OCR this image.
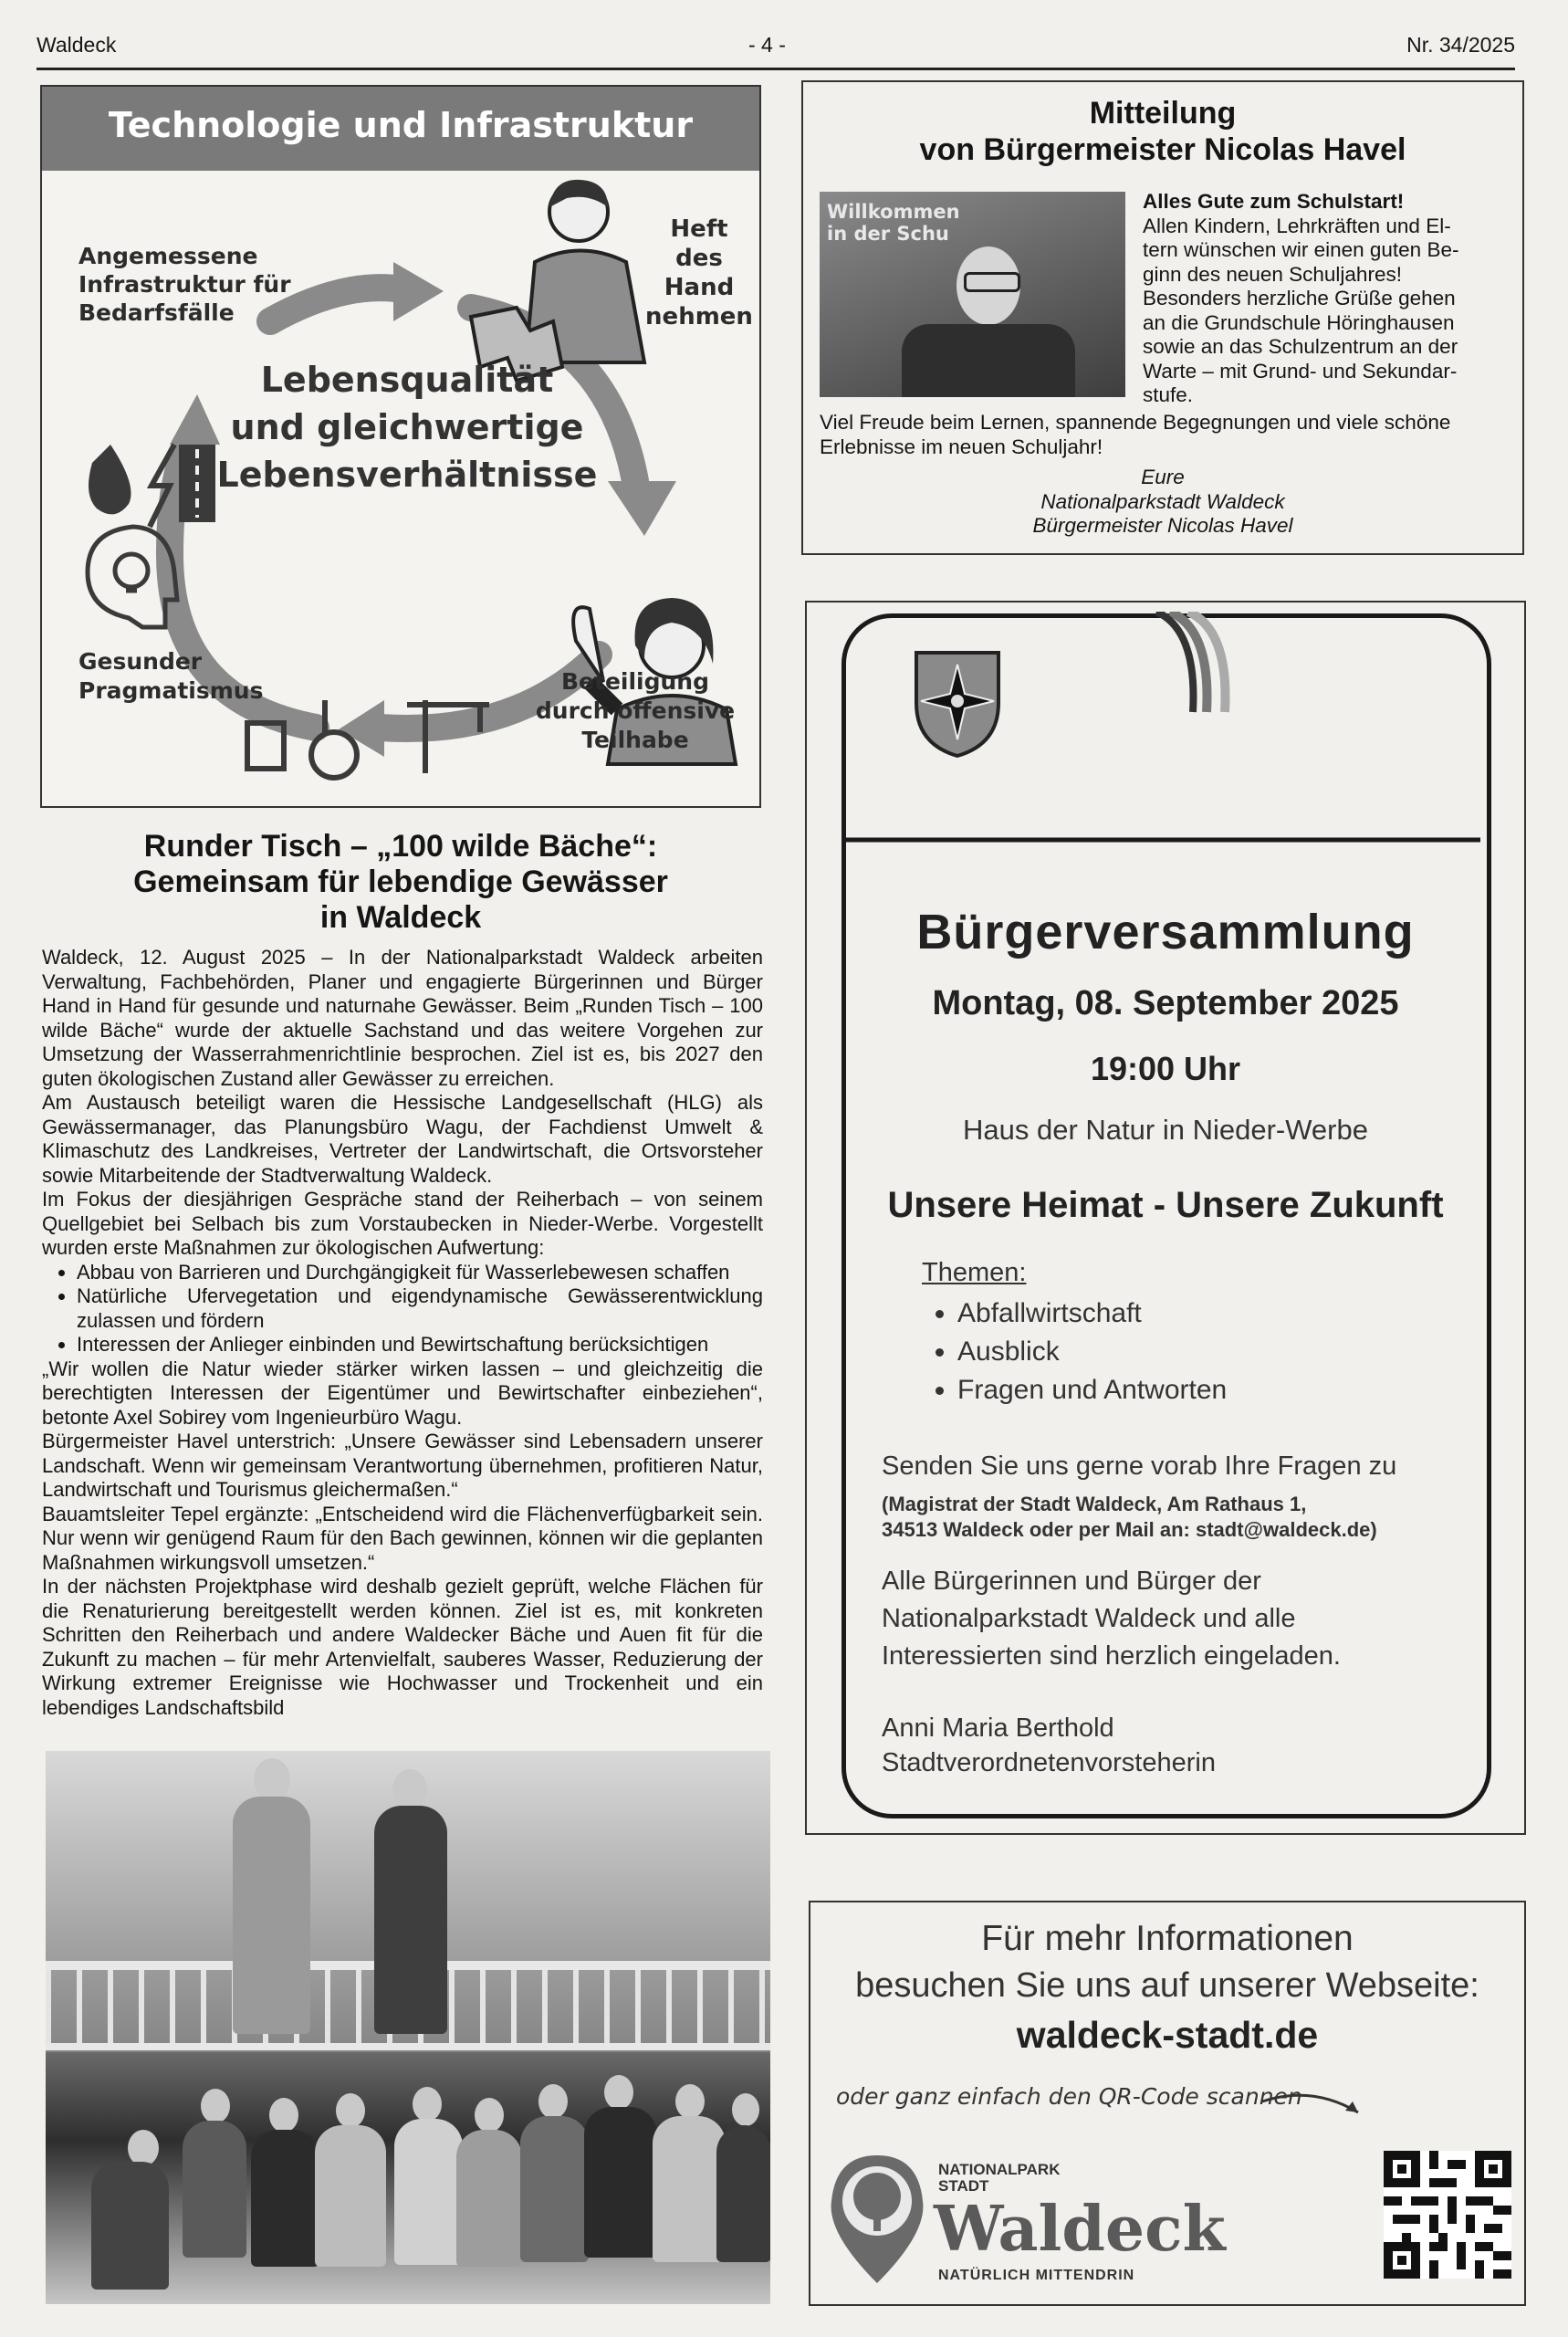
Waldeck	- 4 -	Nr. 34/2025
Technologie und Infrastruktur
Angemessene
Infrastruktur für
Bedarfsfälle
Heft
des
Hand
nehmen
Lebensqualität
und gleichwertige
Lebensverhältnisse
Gesunder
Pragmatismus	Beteiligung
durch offensive
Teilhabe
Mitteilung
von Bürgermeister Nicolas Havel
Willkommen
in der Schu
Alles Gute zum Schulstart!
Allen Kindern, Lehrkräften und El-
tern wünschen wir einen guten Be-
ginn des neuen Schuljahres!
Besonders herzliche Grüße gehen
an die Grundschule Höringhausen
sowie an das Schulzentrum an der
Warte – mit Grund- und Sekundar-
stufe.
Viel Freude beim Lernen, spannende Begegnungen und viele schöne Erlebnisse im neuen Schuljahr!
Eure
Nationalparkstadt Waldeck
Bürgermeister Nicolas Havel
Runder Tisch – „100 wilde Bäche“:
Gemeinsam für lebendige Gewässer
in Waldeck

Waldeck, 12. August 2025 – In der Nationalparkstadt Waldeck arbeiten Verwaltung, Fachbehörden, Planer und engagierte Bürgerinnen und Bürger Hand in Hand für gesunde und naturnahe Gewässer. Beim „Runden Tisch – 100 wilde Bäche“ wurde der aktuelle Sachstand und das weitere Vorgehen zur Umsetzung der Wasserrahmenrichtlinie besprochen. Ziel ist es, bis 2027 den guten ökologischen Zustand aller Gewässer zu erreichen.

Am Austausch beteiligt waren die Hessische Landgesellschaft (HLG) als Gewässermanager, das Planungsbüro Wagu, der Fachdienst Umwelt & Klimaschutz des Landkreises, Vertreter der Landwirtschaft, die Ortsvorsteher sowie Mitarbeitende der Stadtverwaltung Waldeck.

Im Fokus der diesjährigen Gespräche stand der Reiherbach – von seinem Quellgebiet bei Selbach bis zum Vorstaubecken in Nieder-Werbe. Vorgestellt wurden erste Maßnahmen zur ökologischen Aufwertung:

• Abbau von Barrieren und Durchgängigkeit für Wasserlebewesen schaffen
• Natürliche Ufervegetation und eigendynamische Gewässerentwicklung zulassen und fördern
• Interessen der Anlieger einbinden und Bewirtschaftung berücksichtigen

„Wir wollen die Natur wieder stärker wirken lassen – und gleichzeitig die berechtigten Interessen der Eigentümer und Bewirtschafter einbeziehen“, betonte Axel Sobirey vom Ingenieurbüro Wagu.

Bürgermeister Havel unterstrich: „Unsere Gewässer sind Lebensadern unserer Landschaft. Wenn wir gemeinsam Verantwortung übernehmen, profitieren Natur, Landwirtschaft und Tourismus gleichermaßen.“

Bauamtsleiter Tepel ergänzte: „Entscheidend wird die Flächenverfügbarkeit sein. Nur wenn wir genügend Raum für den Bach gewinnen, können wir die geplanten Maßnahmen wirkungsvoll umsetzen.“

In der nächsten Projektphase wird deshalb gezielt geprüft, welche Flächen für die Renaturierung bereitgestellt werden können. Ziel ist es, mit konkreten Schritten den Reiherbach und andere Waldecker Bäche und Auen fit für die Zukunft zu machen – für mehr Artenvielfalt, sauberes Wasser, Reduzierung der Wirkung extremer Ereignisse wie Hochwasser und Trockenheit und ein lebendiges Landschaftsbild

Bürgerversammlung
Montag, 08. September 2025
19:00 Uhr
Haus der Natur in Nieder-Werbe
Unsere Heimat - Unsere Zukunft
Themen:
• Abfallwirtschaft
• Ausblick
• Fragen und Antworten
Senden Sie uns gerne vorab Ihre Fragen zu
(Magistrat der Stadt Waldeck, Am Rathaus 1,
34513 Waldeck oder per Mail an: stadt@waldeck.de)
Alle Bürgerinnen und Bürger der
Nationalparkstadt Waldeck und alle
Interessierten sind herzlich eingeladen.
Anni Maria Berthold
Stadtverordnetenvorsteherin
Für mehr Informationen
besuchen Sie uns auf unserer Webseite:
waldeck-stadt.de
oder ganz einfach den QR-Code scannen
NATIONALPARK
STADT
Waldeck
NATÜRLICH MITTENDRIN
